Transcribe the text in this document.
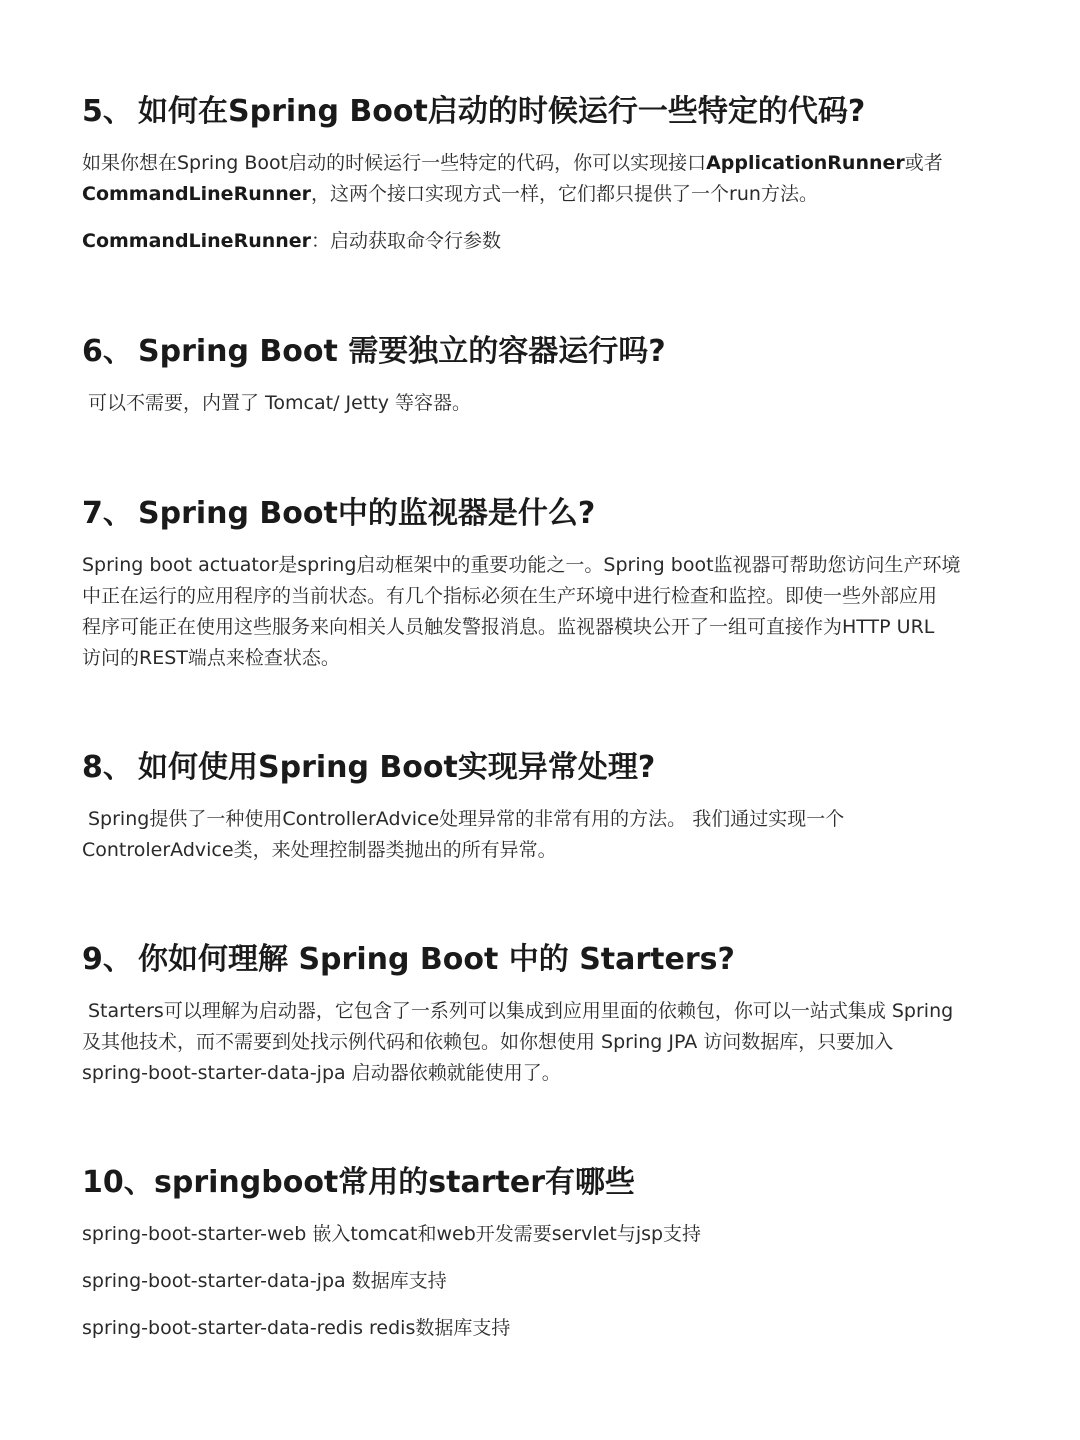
5、 如何在Spring Boot启动的时候运行一些特定的代码?

如果你想在Spring Boot启动的时候运行一些特定的代码，你可以实现接口ApplicationRunner或者
CommandLineRunner，这两个接口实现方式一样，它们都只提供了一个run方法。

CommandLineRunner：启动获取命令行参数

6、 Spring Boot 需要独立的容器运行吗?

可以不需要，内置了 Tomcat/ Jetty 等容器。

7、 Spring Boot中的监视器是什么?

Spring boot actuator是spring启动框架中的重要功能之一。Spring boot监视器可帮助您访问生产环境
中正在运行的应用程序的当前状态。有几个指标必须在生产环境中进行检查和监控。即使一些外部应用
程序可能正在使用这些服务来向相关人员触发警报消息。监视器模块公开了一组可直接作为HTTP URL
访问的REST端点来检查状态。

8、 如何使用Spring Boot实现异常处理?

Spring提供了一种使用ControllerAdvice处理异常的非常有用的方法。 我们通过实现一个
ControlerAdvice类，来处理控制器类抛出的所有异常。

9、 你如何理解 Spring Boot 中的 Starters?

Starters可以理解为启动器，它包含了一系列可以集成到应用里面的依赖包，你可以一站式集成 Spring
及其他技术，而不需要到处找示例代码和依赖包。如你想使用 Spring JPA 访问数据库，只要加入
spring-boot-starter-data-jpa 启动器依赖就能使用了。

10、springboot常用的starter有哪些

spring-boot-starter-web 嵌入tomcat和web开发需要servlet与jsp支持

spring-boot-starter-data-jpa 数据库支持

spring-boot-starter-data-redis redis数据库支持
